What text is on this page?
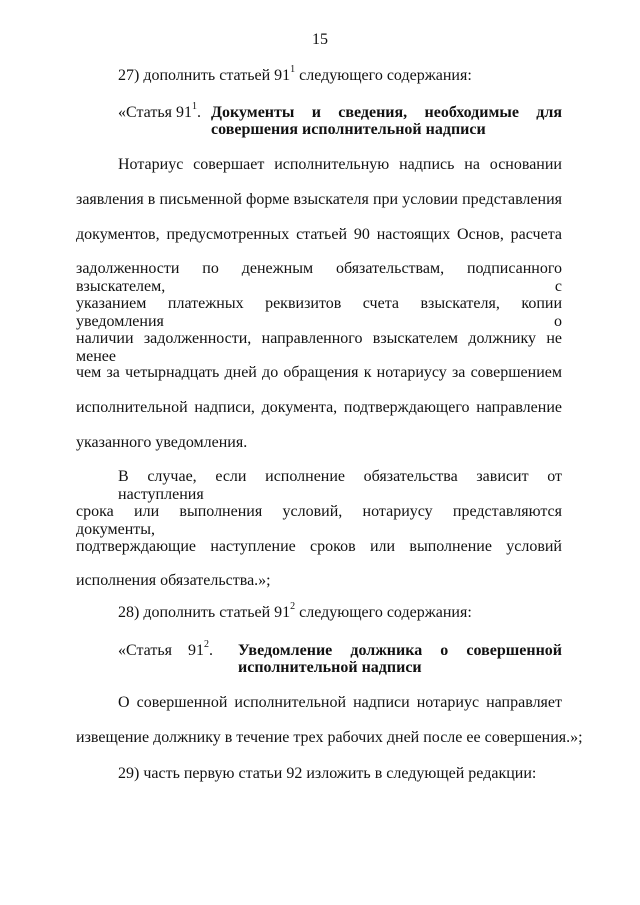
15
27) дополнить статьей $91^1$ следующего содержания:
«Статья $91^1$. Документы и сведения, необходимые для
совершения исполнительной надписи
Нотариус совершает исполнительную надпись на основании
заявления в письменной форме взыскателя при условии представления
документов, предусмотренных статьей 90 настоящих Основ, расчета
задолженности по денежным обязательствам, подписанного взыскателем, с
указанием платежных реквизитов счета взыскателя, копии уведомления о
наличии задолженности, направленного взыскателем должнику не менее
чем за четырнадцать дней до обращения к нотариусу за совершением
исполнительной надписи, документа, подтверждающего направление
указанного уведомления.
В случае, если исполнение обязательства зависит от наступления
срока или выполнения условий, нотариусу представляются документы,
подтверждающие наступление сроков или выполнение условий
исполнения обязательства.»;
28) дополнить статьей $91^2$ следующего содержания:
«Статья $91^2$. Уведомление должника о совершенной
исполнительной надписи
О совершенной исполнительной надписи нотариус направляет
извещение должнику в течение трех рабочих дней после ее совершения.»;
29) часть первую статьи 92 изложить в следующей редакции:
